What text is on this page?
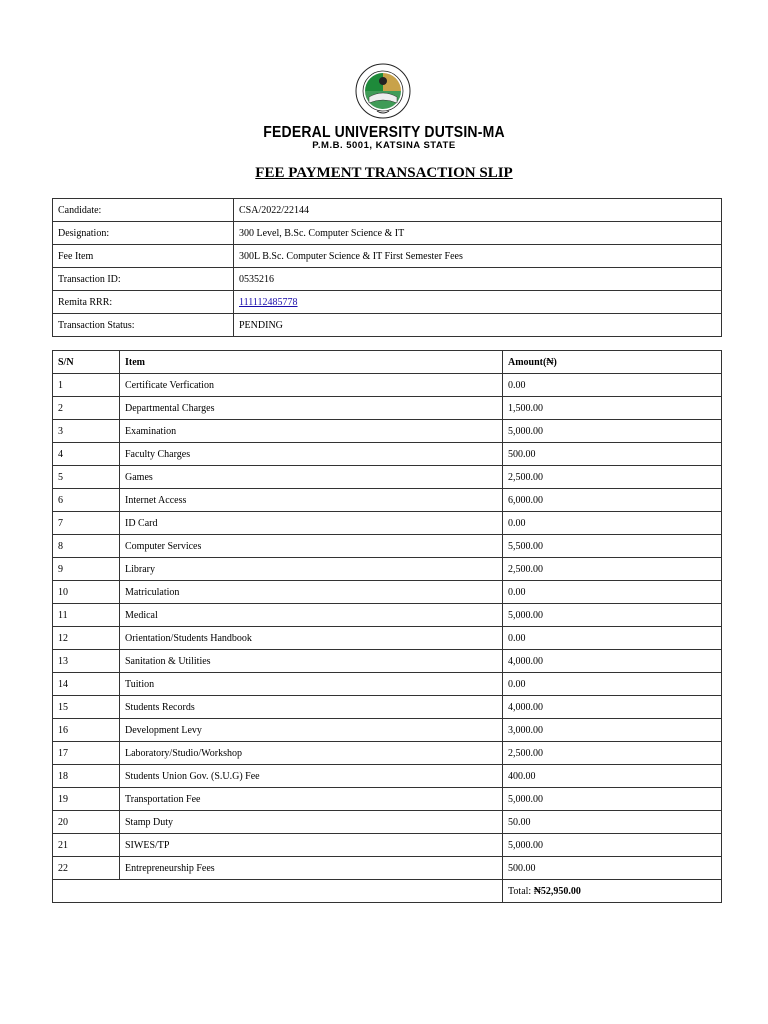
FEDERAL UNIVERSITY DUTSIN-MA
P.M.B. 5001, KATSINA STATE
FEE PAYMENT TRANSACTION SLIP
Candidate:	CSA/2022/22144
Designation:	300 Level, B.Sc. Computer Science & IT
Fee Item	300L B.Sc. Computer Science & IT First Semester Fees
Transaction ID:	0535216
Remita RRR:	111112485778
Transaction Status:	PENDING
S/N	Item	Amount(₦)
1	Certificate Verfication	0.00
2	Departmental Charges	1,500.00
3	Examination	5,000.00
4	Faculty Charges	500.00
5	Games	2,500.00
6	Internet Access	6,000.00
7	ID Card	0.00
8	Computer Services	5,500.00
9	Library	2,500.00
10	Matriculation	0.00
11	Medical	5,000.00
12	Orientation/Students Handbook	0.00
13	Sanitation & Utilities	4,000.00
14	Tuition	0.00
15	Students Records	4,000.00
16	Development Levy	3,000.00
17	Laboratory/Studio/Workshop	2,500.00
18	Students Union Gov. (S.U.G) Fee	400.00
19	Transportation Fee	5,000.00
20	Stamp Duty	50.00
21	SIWES/TP	5,000.00
22	Entrepreneurship Fees	500.00
		Total: ₦52,950.00
